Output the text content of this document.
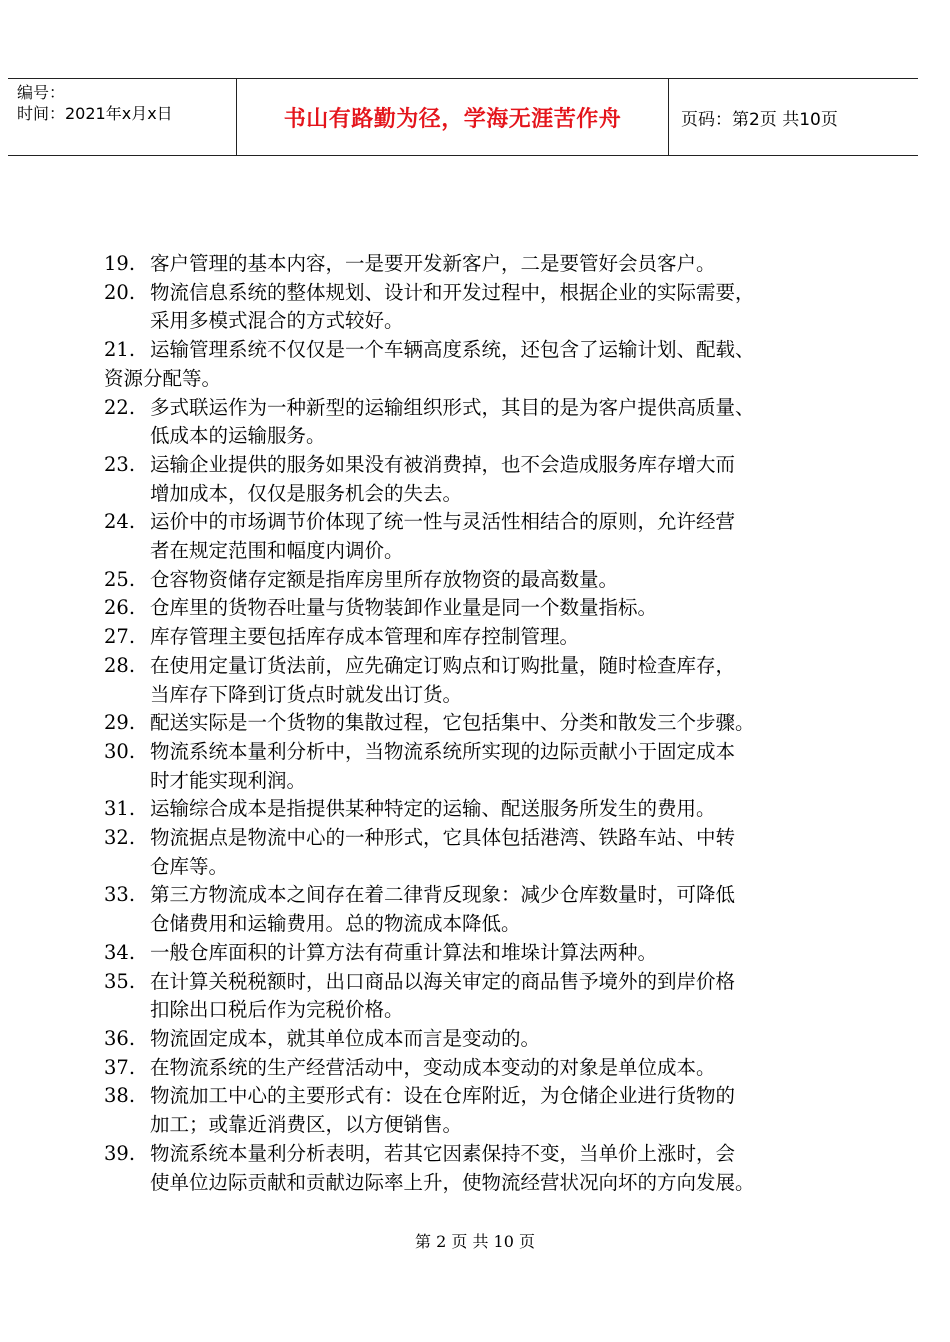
编号：
时间：2021年x月x日	书山有路勤为径，学海无涯苦作舟	页码：第2页 共10页
19. 客户管理的基本内容，一是要开发新客户，二是要管好会员客户。
20. 物流信息系统的整体规划、设计和开发过程中，根据企业的实际需要，
采用多模式混合的方式较好。
21. 运输管理系统不仅仅是一个车辆高度系统，还包含了运输计划、配载、
资源分配等。
22. 多式联运作为一种新型的运输组织形式，其目的是为客户提供高质量、
低成本的运输服务。
23. 运输企业提供的服务如果没有被消费掉，也不会造成服务库存增大而
增加成本，仅仅是服务机会的失去。
24. 运价中的市场调节价体现了统一性与灵活性相结合的原则，允许经营
者在规定范围和幅度内调价。
25. 仓容物资储存定额是指库房里所存放物资的最高数量。
26. 仓库里的货物吞吐量与货物装卸作业量是同一个数量指标。
27. 库存管理主要包括库存成本管理和库存控制管理。
28. 在使用定量订货法前，应先确定订购点和订购批量，随时检查库存，
当库存下降到订货点时就发出订货。
29. 配送实际是一个货物的集散过程，它包括集中、分类和散发三个步骤。
30. 物流系统本量利分析中，当物流系统所实现的边际贡献小于固定成本
时才能实现利润。
31. 运输综合成本是指提供某种特定的运输、配送服务所发生的费用。
32. 物流据点是物流中心的一种形式，它具体包括港湾、铁路车站、中转
仓库等。
33. 第三方物流成本之间存在着二律背反现象：减少仓库数量时，可降低
仓储费用和运输费用。总的物流成本降低。
34. 一般仓库面积的计算方法有荷重计算法和堆垛计算法两种。
35. 在计算关税税额时，出口商品以海关审定的商品售予境外的到岸价格
扣除出口税后作为完税价格。
36. 物流固定成本，就其单位成本而言是变动的。
37. 在物流系统的生产经营活动中，变动成本变动的对象是单位成本。
38. 物流加工中心的主要形式有：设在仓库附近，为仓储企业进行货物的
加工；或靠近消费区，以方便销售。
39. 物流系统本量利分析表明，若其它因素保持不变，当单价上涨时，会
使单位边际贡献和贡献边际率上升，使物流经营状况向坏的方向发展。
第 2 页 共 10 页
